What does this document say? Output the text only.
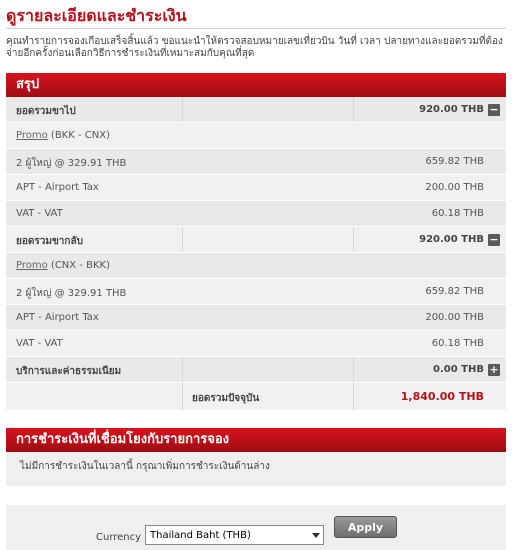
ดูรายละเอียดและชำระเงิน
คุณทำรายการจองเกือบเสร็จสิ้นแล้ว ขอแนะนำให้ตรวจสอบหมายเลขเที่ยวบิน วันที่ เวลา ปลายทางและยอดรวมที่ต้องจ่ายอีกครั้งก่อนเลือกวิธีการชำระเงินที่เหมาะสมกับคุณที่สุด
สรุป
ยอดรวมขาไป	920.00 THB −
Promo (BKK - CNX)
2 ผู้ใหญ่ @ 329.91 THB	659.82 THB
APT - Airport Tax	200.00 THB
VAT - VAT	60.18 THB
ยอดรวมขากลับ	920.00 THB −
Promo (CNX - BKK)
2 ผู้ใหญ่ @ 329.91 THB	659.82 THB
APT - Airport Tax	200.00 THB
VAT - VAT	60.18 THB
บริการและค่าธรรมเนียม	0.00 THB +
ยอดรวมปัจจุบัน	1,840.00 THB
การชำระเงินที่เชื่อมโยงกับรายการจอง
ไม่มีการชำระเงินในเวลานี้ กรุณาเพิ่มการชำระเงินด้านล่าง
Currency Thailand Baht (THB)
Apply
